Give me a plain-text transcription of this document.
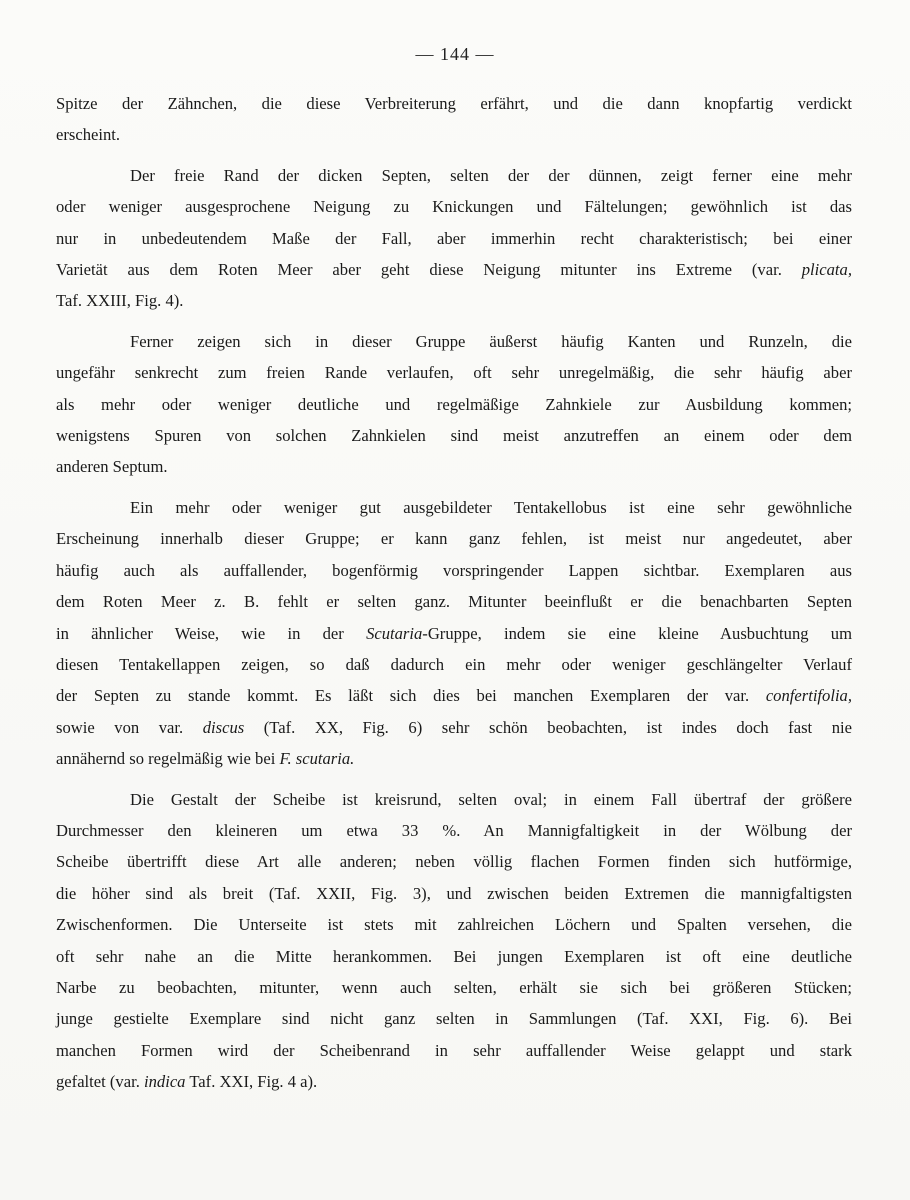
— 144 —
Spitze der Zähnchen, die diese Verbreiterung erfährt, und die dann knopfartig verdickt
erscheint.
Der freie Rand der dicken Septen, selten der der dünnen, zeigt ferner eine mehr
oder weniger ausgesprochene Neigung zu Knickungen und Fältelungen; gewöhnlich ist das
nur in unbedeutendem Maße der Fall, aber immerhin recht charakteristisch; bei einer
Varietät aus dem Roten Meer aber geht diese Neigung mitunter ins Extreme (var. plicata,
Taf. XXIII, Fig. 4).
Ferner zeigen sich in dieser Gruppe äußerst häufig Kanten und Runzeln, die
ungefähr senkrecht zum freien Rande verlaufen, oft sehr unregelmäßig, die sehr häufig aber
als mehr oder weniger deutliche und regelmäßige Zahnkiele zur Ausbildung kommen;
wenigstens Spuren von solchen Zahnkielen sind meist anzutreffen an einem oder dem
anderen Septum.
Ein mehr oder weniger gut ausgebildeter Tentakellobus ist eine sehr gewöhnliche
Erscheinung innerhalb dieser Gruppe; er kann ganz fehlen, ist meist nur angedeutet, aber
häufig auch als auffallender, bogenförmig vorspringender Lappen sichtbar. Exemplaren aus
dem Roten Meer z. B. fehlt er selten ganz. Mitunter beeinflußt er die benachbarten Septen
in ähnlicher Weise, wie in der Scutaria-Gruppe, indem sie eine kleine Ausbuchtung um
diesen Tentakellappen zeigen, so daß dadurch ein mehr oder weniger geschlängelter Verlauf
der Septen zu stande kommt. Es läßt sich dies bei manchen Exemplaren der var. confertifolia,
sowie von var. discus (Taf. XX, Fig. 6) sehr schön beobachten, ist indes doch fast nie
annähernd so regelmäßig wie bei F. scutaria.
Die Gestalt der Scheibe ist kreisrund, selten oval; in einem Fall übertraf der größere
Durchmesser den kleineren um etwa 33 %. An Mannigfaltigkeit in der Wölbung der
Scheibe übertrifft diese Art alle anderen; neben völlig flachen Formen finden sich hutförmige,
die höher sind als breit (Taf. XXII, Fig. 3), und zwischen beiden Extremen die mannigfaltigsten
Zwischenformen. Die Unterseite ist stets mit zahlreichen Löchern und Spalten versehen, die
oft sehr nahe an die Mitte herankommen. Bei jungen Exemplaren ist oft eine deutliche
Narbe zu beobachten, mitunter, wenn auch selten, erhält sie sich bei größeren Stücken;
junge gestielte Exemplare sind nicht ganz selten in Sammlungen (Taf. XXI, Fig. 6). Bei
manchen Formen wird der Scheibenrand in sehr auffallender Weise gelappt und stark
gefaltet (var. indica Taf. XXI, Fig. 4 a).
